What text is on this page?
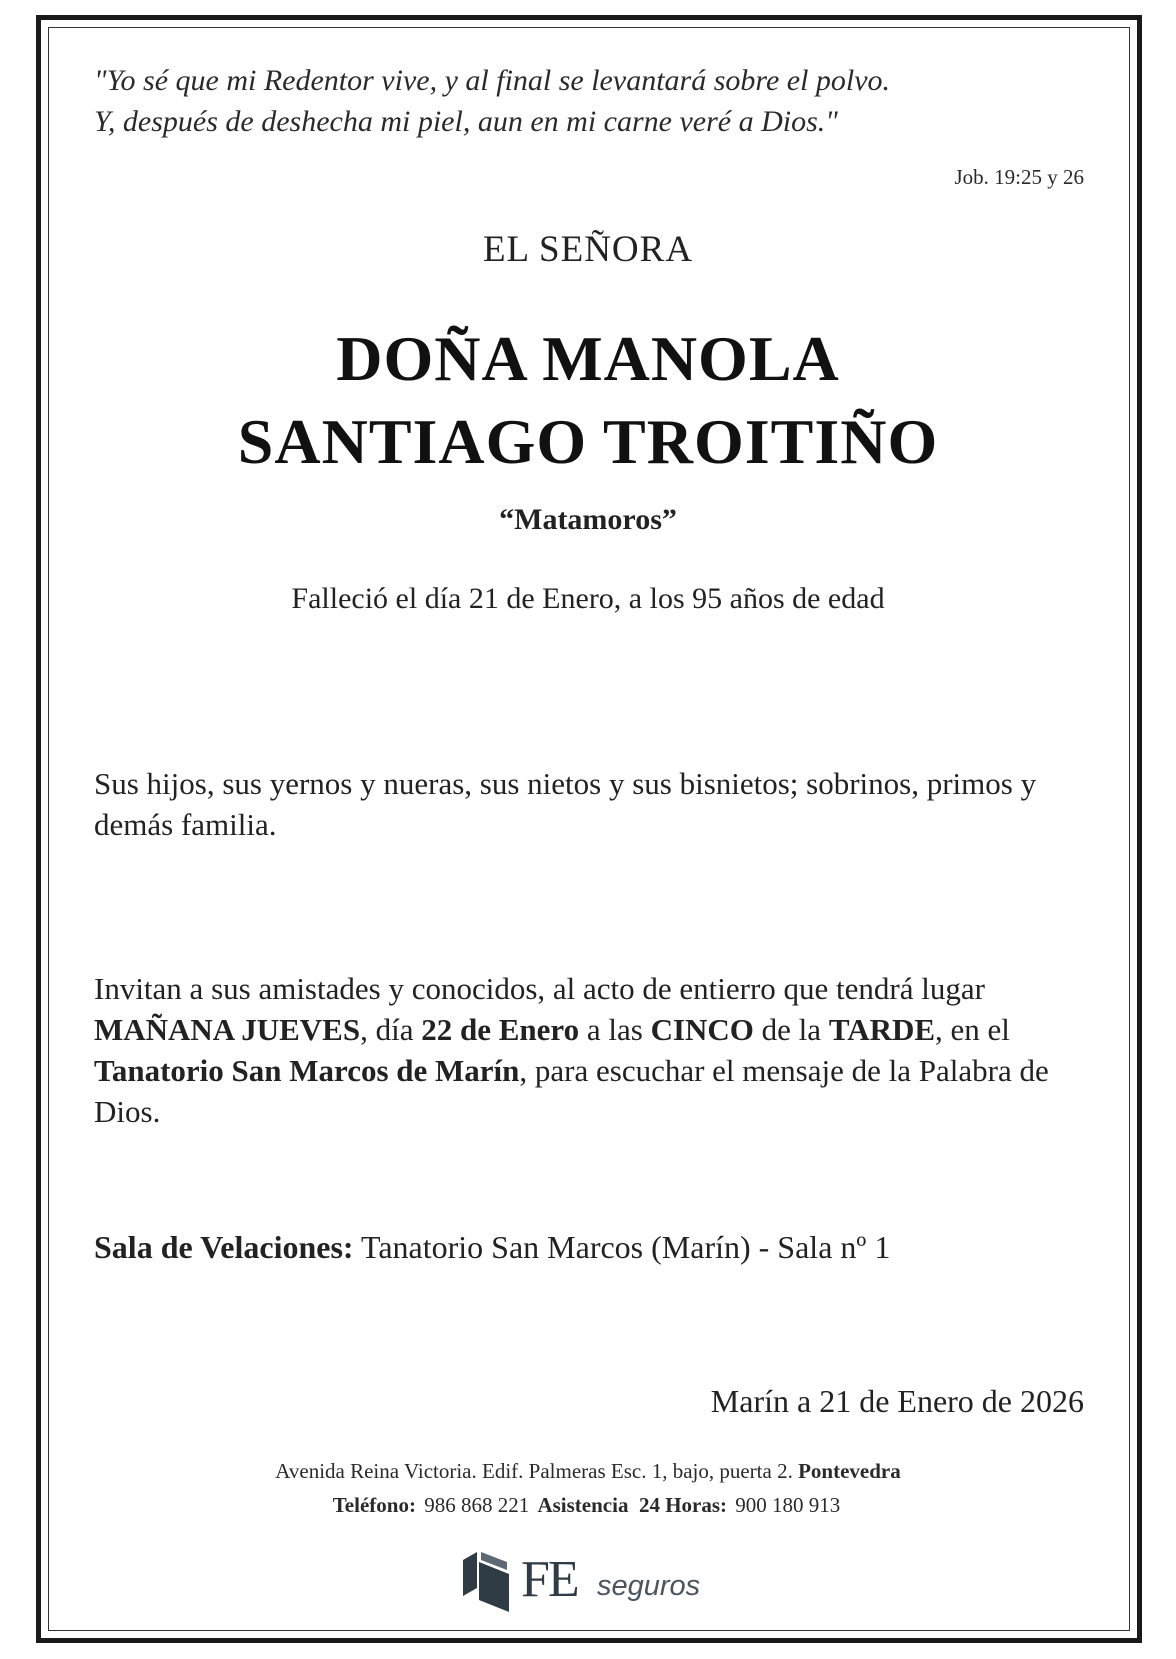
"Yo sé que mi Redentor vive, y al final se levantará sobre el polvo.
Y, después de deshecha mi piel, aun en mi carne veré a Dios."
Job. 19:25 y 26
EL SEÑORA
DOÑA MANOLA
SANTIAGO TROITIÑO
“Matamoros”
Falleció el día 21 de Enero, a los 95 años de edad
Sus hijos, sus yernos y nueras, sus nietos y sus bisnietos; sobrinos, primos y demás familia.
Invitan a sus amistades y conocidos, al acto de entierro que tendrá lugar MAÑANA JUEVES, día 22 de Enero a las CINCO de la TARDE, en el Tanatorio San Marcos de Marín, para escuchar el mensaje de la Palabra de Dios.
Sala de Velaciones: Tanatorio San Marcos (Marín) - Sala nº 1
Marín a 21 de Enero de 2026
Avenida Reina Victoria. Edif. Palmeras Esc. 1, bajo, puerta 2. Pontevedra
Teléfono: 986 868 221 Asistencia  24 Horas: 900 180 913
FE seguros
